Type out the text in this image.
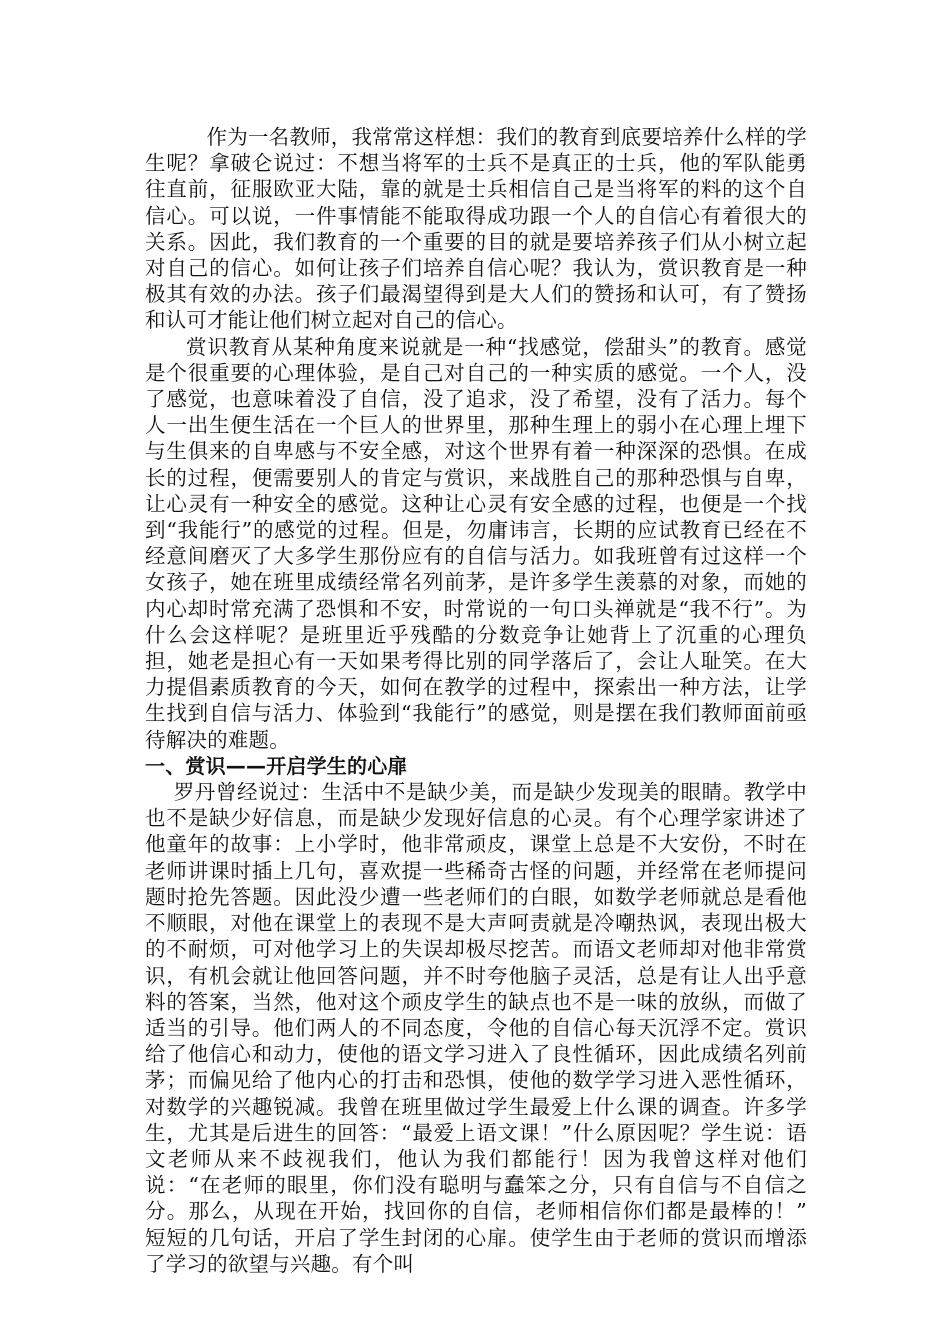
作为一名教师，我常常这样想：我们的教育到底要培养什么样的学生呢？拿破仑说过：不想当将军的士兵不是真正的士兵，他的军队能勇往直前，征服欧亚大陆，靠的就是士兵相信自己是当将军的料的这个自信心。可以说，一件事情能不能取得成功跟一个人的自信心有着很大的关系。因此，我们教育的一个重要的目的就是要培养孩子们从小树立起对自己的信心。如何让孩子们培养自信心呢？我认为，赏识教育是一种极其有效的办法。孩子们最渴望得到是大人们的赞扬和认可，有了赞扬和认可才能让他们树立起对自己的信心。

赏识教育从某种角度来说就是一种“找感觉，偿甜头”的教育。感觉是个很重要的心理体验，是自己对自己的一种实质的感觉。一个人，没了感觉，也意味着没了自信，没了追求，没了希望，没有了活力。每个人一出生便生活在一个巨人的世界里，那种生理上的弱小在心理上埋下与生俱来的自卑感与不安全感，对这个世界有着一种深深的恐惧。在成长的过程，便需要别人的肯定与赏识，来战胜自己的那种恐惧与自卑，让心灵有一种安全的感觉。这种让心灵有安全感的过程，也便是一个找到“我能行”的感觉的过程。但是，勿庸讳言，长期的应试教育已经在不经意间磨灭了大多学生那份应有的自信与活力。如我班曾有过这样一个女孩子，她在班里成绩经常名列前茅，是许多学生羡慕的对象，而她的内心却时常充满了恐惧和不安，时常说的一句口头禅就是“我不行”。为什么会这样呢？是班里近乎残酷的分数竞争让她背上了沉重的心理负担，她老是担心有一天如果考得比别的同学落后了，会让人耻笑。在大力提倡素质教育的今天，如何在教学的过程中，探索出一种方法，让学生找到自信与活力、体验到“我能行”的感觉，则是摆在我们教师面前亟待解决的难题。

一、赏识——开启学生的心扉

罗丹曾经说过：生活中不是缺少美，而是缺少发现美的眼睛。教学中也不是缺少好信息，而是缺少发现好信息的心灵。有个心理学家讲述了他童年的故事：上小学时，他非常顽皮，课堂上总是不大安份，不时在老师讲课时插上几句，喜欢提一些稀奇古怪的问题，并经常在老师提问题时抢先答题。因此没少遭一些老师们的白眼，如数学老师就总是看他不顺眼，对他在课堂上的表现不是大声呵责就是冷嘲热讽，表现出极大的不耐烦，可对他学习上的失误却极尽挖苦。而语文老师却对他非常赏识，有机会就让他回答问题，并不时夸他脑子灵活，总是有让人出乎意料的答案，当然，他对这个顽皮学生的缺点也不是一味的放纵，而做了适当的引导。他们两人的不同态度，令他的自信心每天沉浮不定。赏识给了他信心和动力，使他的语文学习进入了良性循环，因此成绩名列前茅；而偏见给了他内心的打击和恐惧，使他的数学学习进入恶性循环，对数学的兴趣锐减。我曾在班里做过学生最爱上什么课的调查。许多学生，尤其是后进生的回答：“最爱上语文课！”什么原因呢？学生说：语文老师从来不歧视我们，他认为我们都能行！因为我曾这样对他们说：“在老师的眼里，你们没有聪明与蠢笨之分，只有自信与不自信之分。那么，从现在开始，找回你的自信，老师相信你们都是最棒的！”　　　短短的几句话，开启了学生封闭的心扉。使学生由于老师的赏识而增添了学习的欲望与兴趣。有个叫
